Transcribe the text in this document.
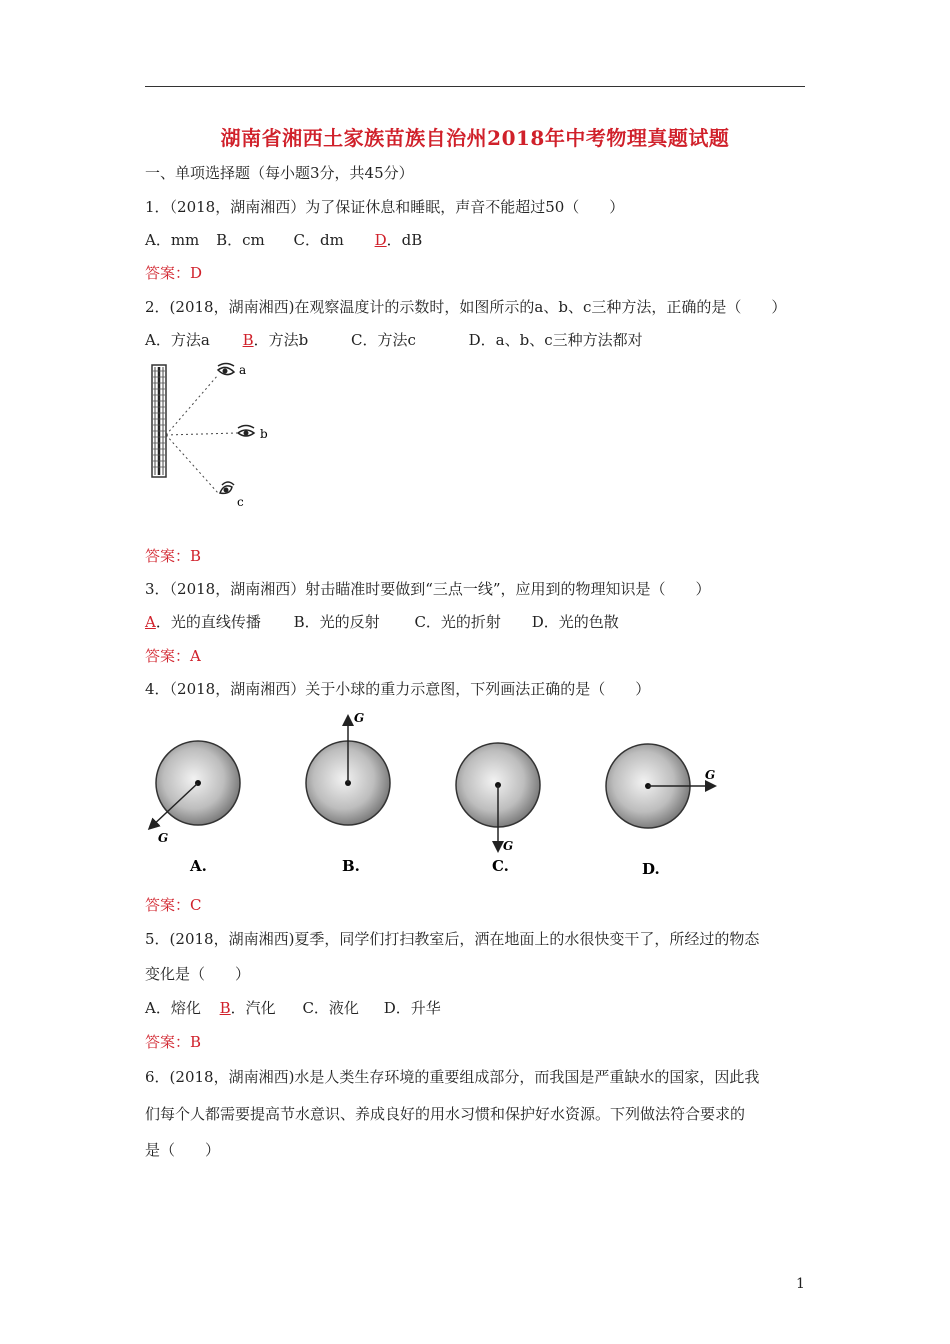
湖南省湘西土家族苗族自治州2018年中考物理真题试题
一、单项选择题（每小题3分，共45分）
1．（2018，湖南湘西）为了保证休息和睡眠，声音不能超过50（　　）
A．mm B．cm C．dm D．dB
答案：D
2．(2018，湖南湘西)在观察温度计的示数时，如图所示的a、b、c三种方法，正确的是（　　）
A．方法a B．方法b	C．方法c	D．a、b、c三种方法都对
a
b
c
答案：B
3．（2018，湖南湘西）射击瞄准时要做到“三点一线”，应用到的物理知识是（　　）
A．光的直线传播 B．光的反射 C．光的折射 D．光的色散
答案：A
4．（2018，湖南湘西）关于小球的重力示意图，下列画法正确的是（　　）
G
A.
G
B.
G
C.
G
D.
答案：C
5．(2018，湖南湘西)夏季，同学们打扫教室后，洒在地面上的水很快变干了，所经过的物态
变化是（　　）
A．熔化 B．汽化 C．液化 D．升华
答案：B
6．(2018，湖南湘西)水是人类生存环境的重要组成部分，而我国是严重缺水的国家，因此我
们每个人都需要提高节水意识、养成良好的用水习惯和保护好水资源。下列做法符合要求的
是（　　）
1
